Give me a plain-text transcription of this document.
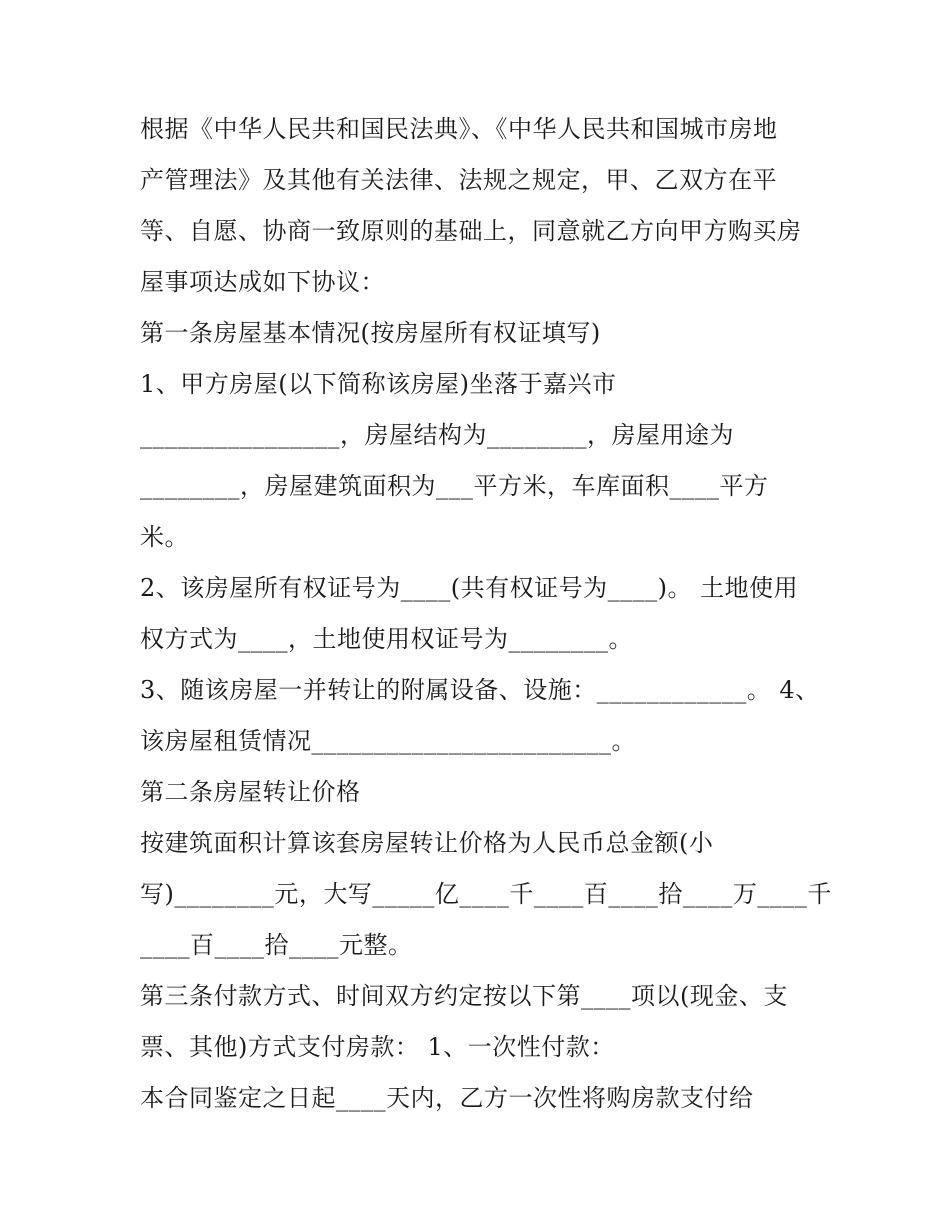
根据《中华人民共和国民法典》、《中华人民共和国城市房地
产管理法》及其他有关法律、法规之规定，甲、乙双方在平
等、自愿、协商一致原则的基础上，同意就乙方向甲方购买房
屋事项达成如下协议：
第一条房屋基本情况(按房屋所有权证填写)
1、甲方房屋(以下简称该房屋)坐落于嘉兴市
________________，房屋结构为________，房屋用途为
________，房屋建筑面积为___平方米，车库面积____平方
米。
2、该房屋所有权证号为____(共有权证号为____)。 土地使用
权方式为____，土地使用权证号为________。
3、随该房屋一并转让的附属设备、设施：____________。 4、
该房屋租赁情况________________________。
第二条房屋转让价格
按建筑面积计算该套房屋转让价格为人民币总金额(小
写)________元，大写_____亿____千____百____拾____万____千
____百____拾____元整。
第三条付款方式、时间双方约定按以下第____项以(现金、支
票、其他)方式支付房款： 1、一次性付款：
本合同鉴定之日起____天内，乙方一次性将购房款支付给
